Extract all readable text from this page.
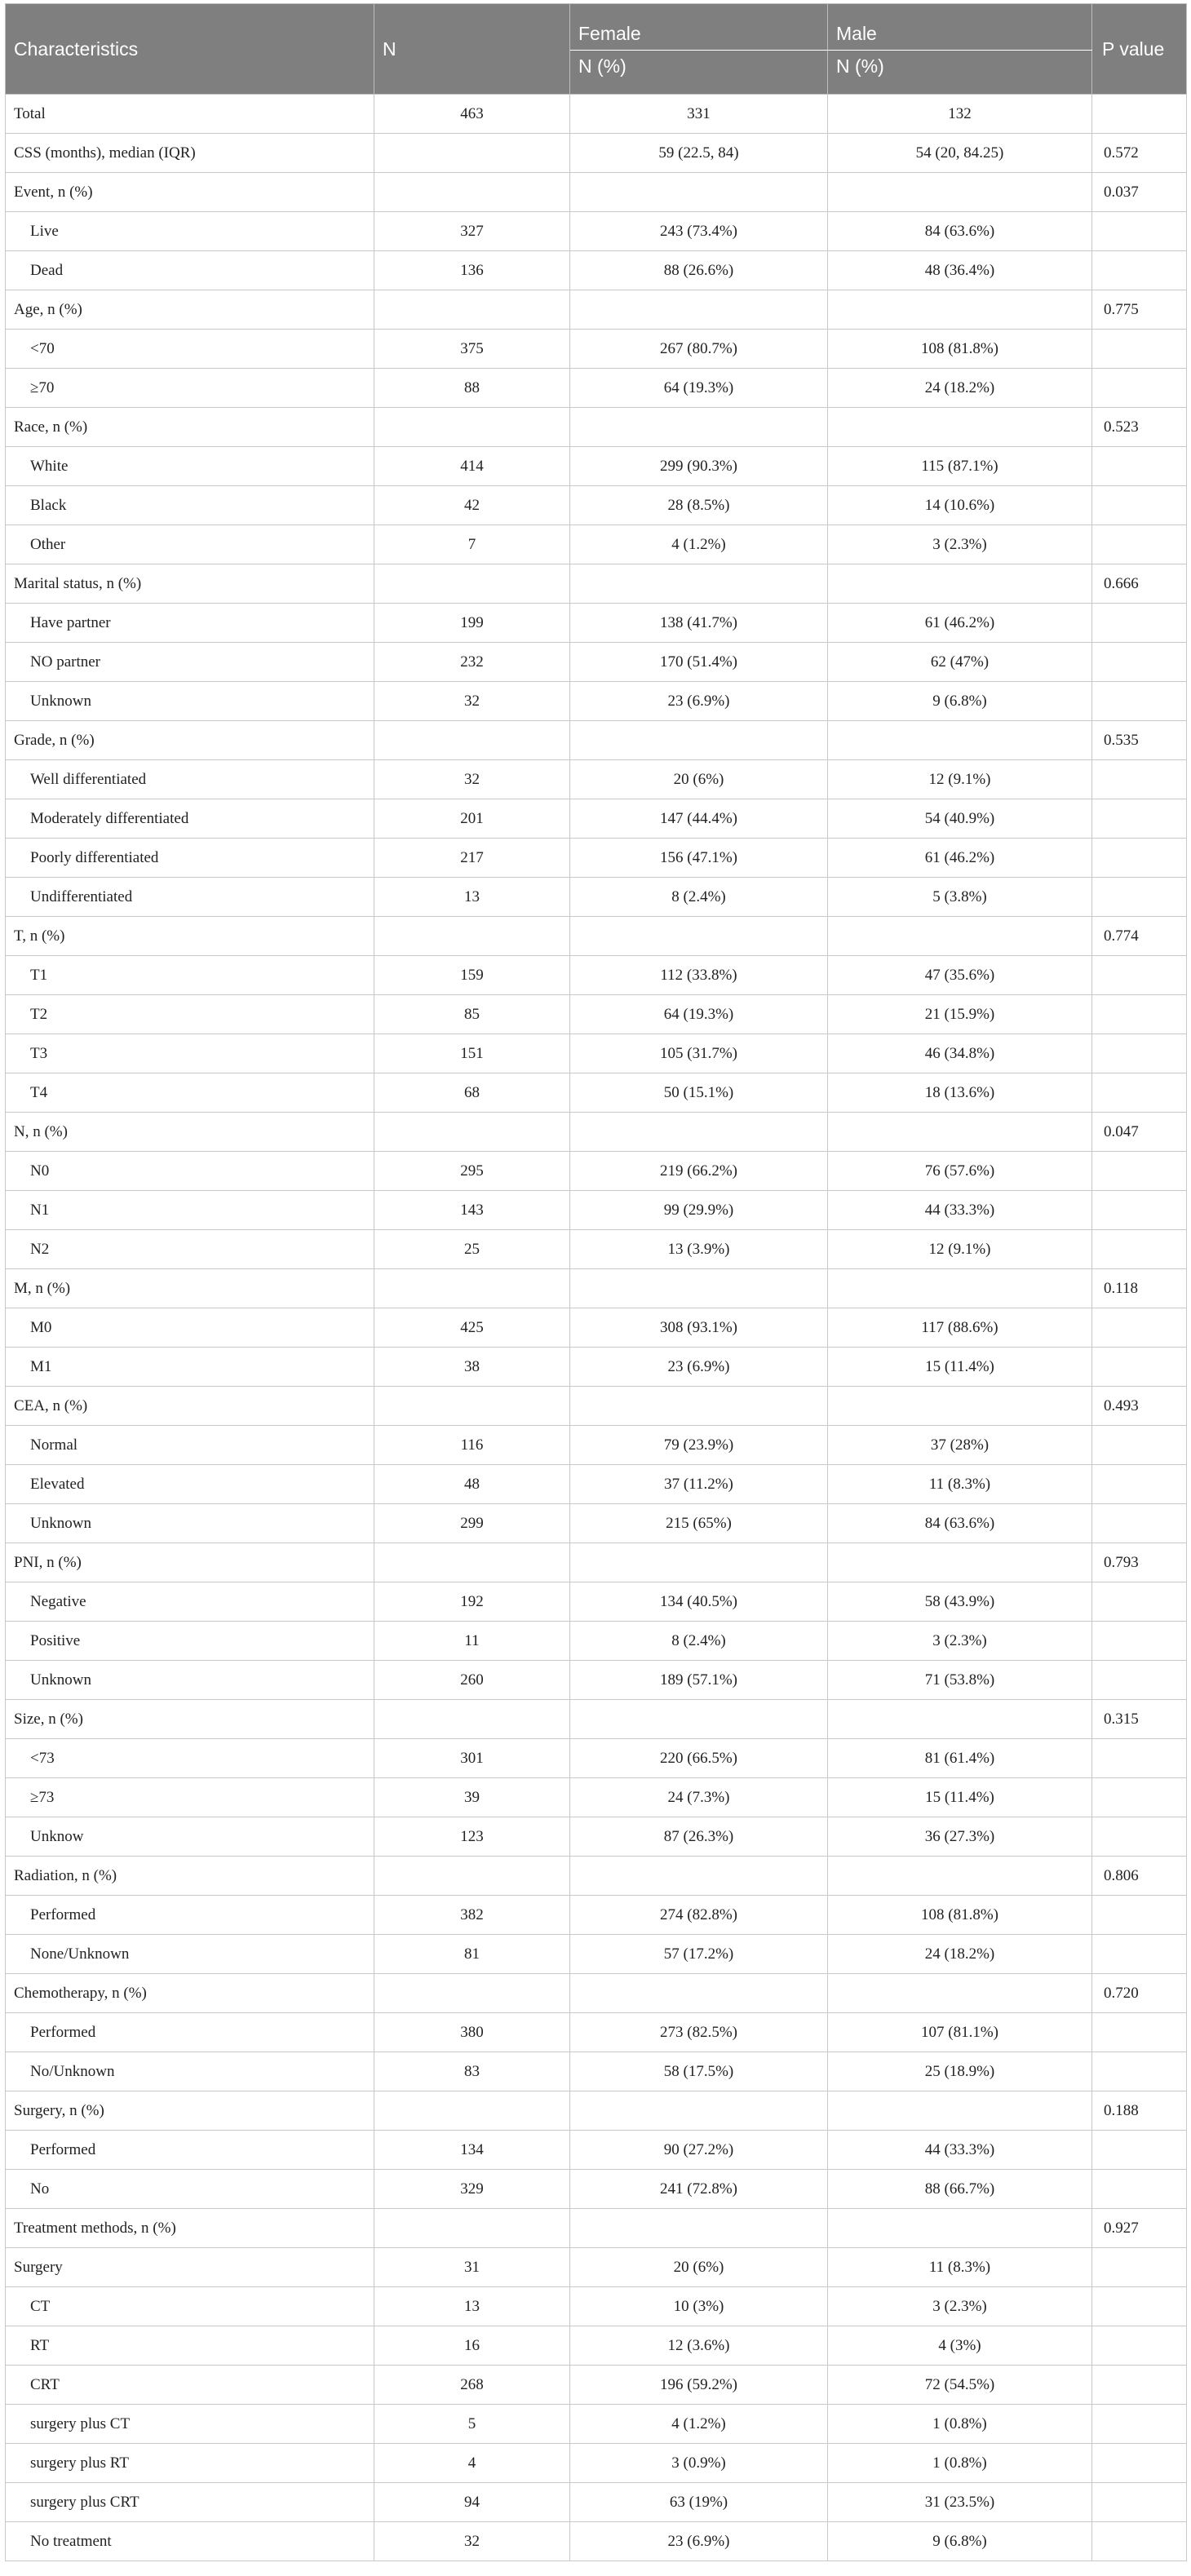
Characteristics	N	Female	Male	P value
		N (%)	N (%)	
Total	463	331	132	
CSS (months), median (IQR)		59 (22.5, 84)	54 (20, 84.25)	0.572
Event, n (%)				0.037
Live	327	243 (73.4%)	84 (63.6%)	
Dead	136	88 (26.6%)	48 (36.4%)	
Age, n (%)				0.775
<70	375	267 (80.7%)	108 (81.8%)	
≥70	88	64 (19.3%)	24 (18.2%)	
Race, n (%)				0.523
White	414	299 (90.3%)	115 (87.1%)	
Black	42	28 (8.5%)	14 (10.6%)	
Other	7	4 (1.2%)	3 (2.3%)	
Marital status, n (%)				0.666
Have partner	199	138 (41.7%)	61 (46.2%)	
NO partner	232	170 (51.4%)	62 (47%)	
Unknown	32	23 (6.9%)	9 (6.8%)	
Grade, n (%)				0.535
Well differentiated	32	20 (6%)	12 (9.1%)	
Moderately differentiated	201	147 (44.4%)	54 (40.9%)	
Poorly differentiated	217	156 (47.1%)	61 (46.2%)	
Undifferentiated	13	8 (2.4%)	5 (3.8%)	
T, n (%)				0.774
T1	159	112 (33.8%)	47 (35.6%)	
T2	85	64 (19.3%)	21 (15.9%)	
T3	151	105 (31.7%)	46 (34.8%)	
T4	68	50 (15.1%)	18 (13.6%)	
N, n (%)				0.047
N0	295	219 (66.2%)	76 (57.6%)	
N1	143	99 (29.9%)	44 (33.3%)	
N2	25	13 (3.9%)	12 (9.1%)	
M, n (%)				0.118
M0	425	308 (93.1%)	117 (88.6%)	
M1	38	23 (6.9%)	15 (11.4%)	
CEA, n (%)				0.493
Normal	116	79 (23.9%)	37 (28%)	
Elevated	48	37 (11.2%)	11 (8.3%)	
Unknown	299	215 (65%)	84 (63.6%)	
PNI, n (%)				0.793
Negative	192	134 (40.5%)	58 (43.9%)	
Positive	11	8 (2.4%)	3 (2.3%)	
Unknown	260	189 (57.1%)	71 (53.8%)	
Size, n (%)				0.315
<73	301	220 (66.5%)	81 (61.4%)	
≥73	39	24 (7.3%)	15 (11.4%)	
Unknow	123	87 (26.3%)	36 (27.3%)	
Radiation, n (%)				0.806
Performed	382	274 (82.8%)	108 (81.8%)	
None/Unknown	81	57 (17.2%)	24 (18.2%)	
Chemotherapy, n (%)				0.720
Performed	380	273 (82.5%)	107 (81.1%)	
No/Unknown	83	58 (17.5%)	25 (18.9%)	
Surgery, n (%)				0.188
Performed	134	90 (27.2%)	44 (33.3%)	
No	329	241 (72.8%)	88 (66.7%)	
Treatment methods, n (%)				0.927
Surgery	31	20 (6%)	11 (8.3%)	
CT	13	10 (3%)	3 (2.3%)	
RT	16	12 (3.6%)	4 (3%)	
CRT	268	196 (59.2%)	72 (54.5%)	
surgery plus CT	5	4 (1.2%)	1 (0.8%)	
surgery plus RT	4	3 (0.9%)	1 (0.8%)	
surgery plus CRT	94	63 (19%)	31 (23.5%)	
No treatment	32	23 (6.9%)	9 (6.8%)	
